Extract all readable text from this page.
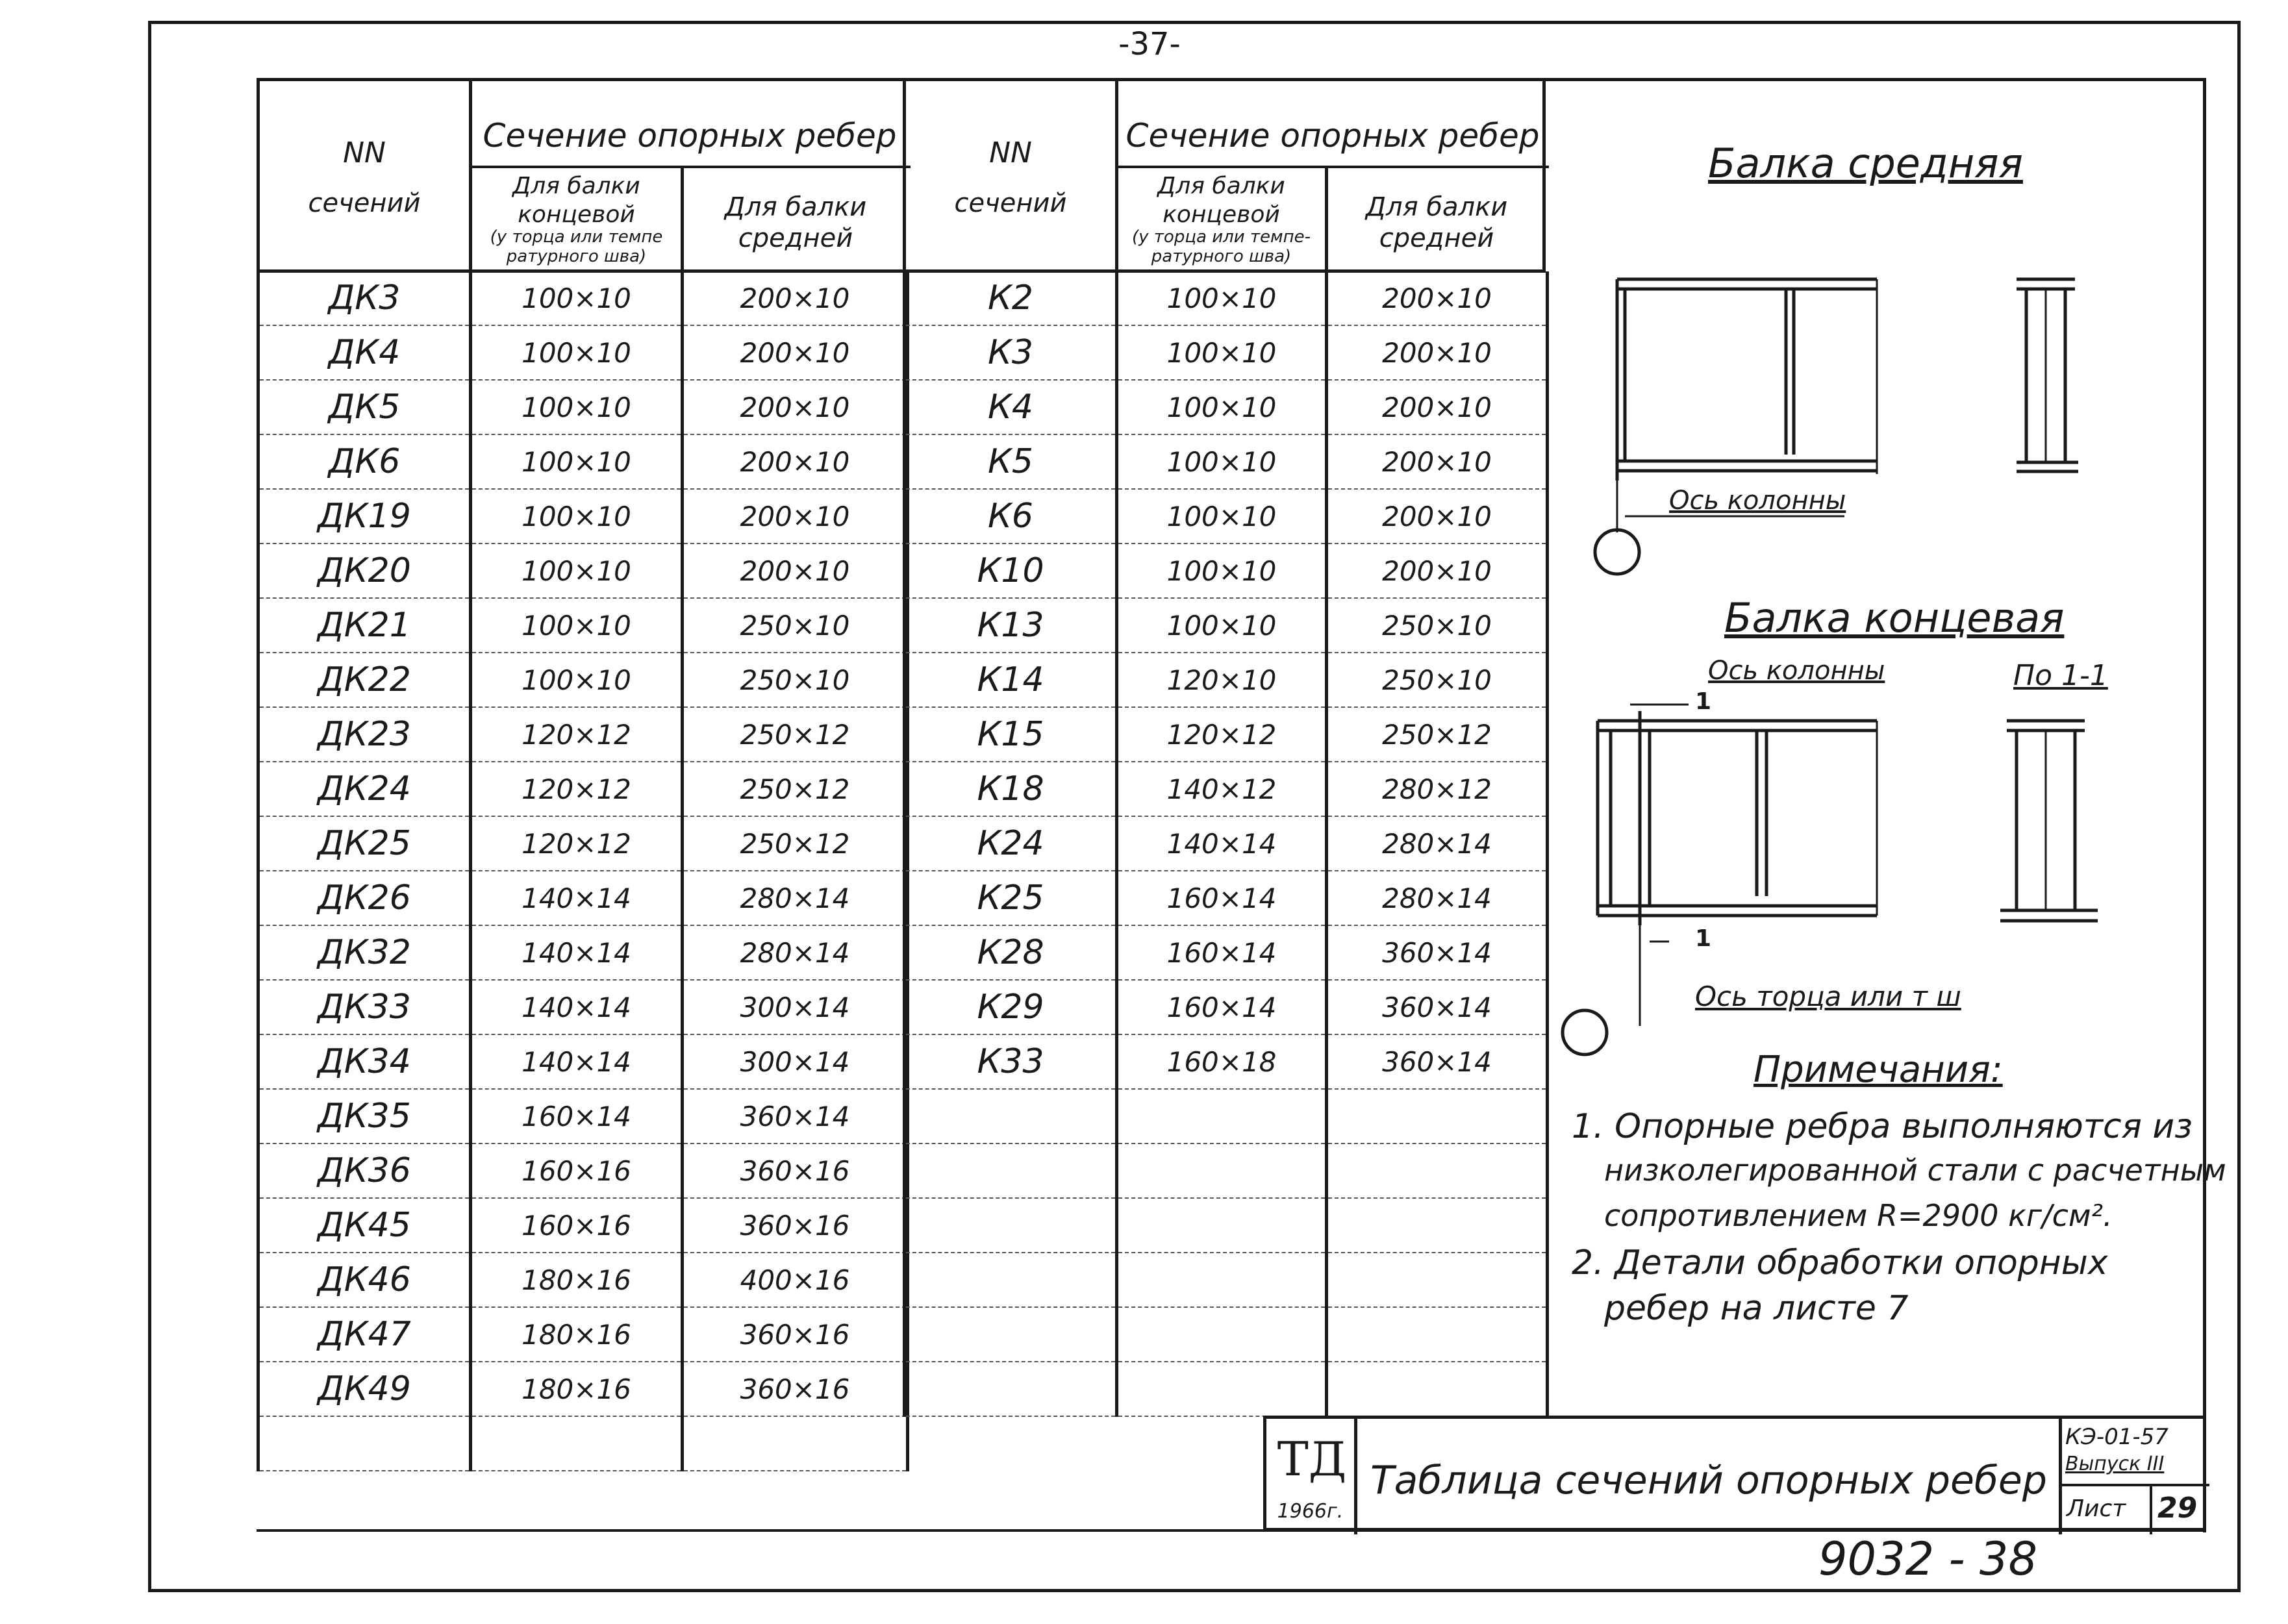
-37-
NN
сечений
Сечение опорных ребер
Для балки концевой
(у торца или темпе ратурного шва)
Для балки средней
ДК3	100×10	200×10
ДК4	100×10	200×10
ДК5	100×10	200×10
ДК6	100×10	200×10
ДК19	100×10	200×10
ДК20	100×10	200×10
ДК21	100×10	250×10
ДК22	100×10	250×10
ДК23	120×12	250×12
ДК24	120×12	250×12
ДК25	120×12	250×12
ДК26	140×14	280×14
ДК32	140×14	280×14
ДК33	140×14	300×14
ДК34	140×14	300×14
ДК35	160×14	360×14
ДК36	160×16	360×16
ДК45	160×16	360×16
ДК46	180×16	400×16
ДК47	180×16	360×16
ДК49	180×16	360×16

NN
сечений
Сечение опорных ребер
Для балки концевой
(у торца или темпе- ратурного шва)
Для балки средней
К2	100×10	200×10
К3	100×10	200×10
К4	100×10	200×10
К5	100×10	200×10
К6	100×10	200×10
К10	100×10	200×10
К13	100×10	250×10
К14	120×10	250×10
К15	120×12	250×12
К18	140×12	280×12
К24	140×14	280×14
К25	160×14	280×14
К28	160×14	360×14
К29	160×14	360×14
К33	160×18	360×14

Балка средняя
Ось колонны
Балка концевая
Ось колонны	По 1-1
1
1
Ось торца или т ш
Примечания:
1. Опорные ребра выполняются из
низколегированной стали с расчетным
сопротивлением R=2900 кг/см².
2. Детали обработки опорных
ребер на листе 7
ТД
1966г.
Таблица сечений опорных ребер
КЭ-01-57
Выпуск III
Лист 29
9032 - 38
